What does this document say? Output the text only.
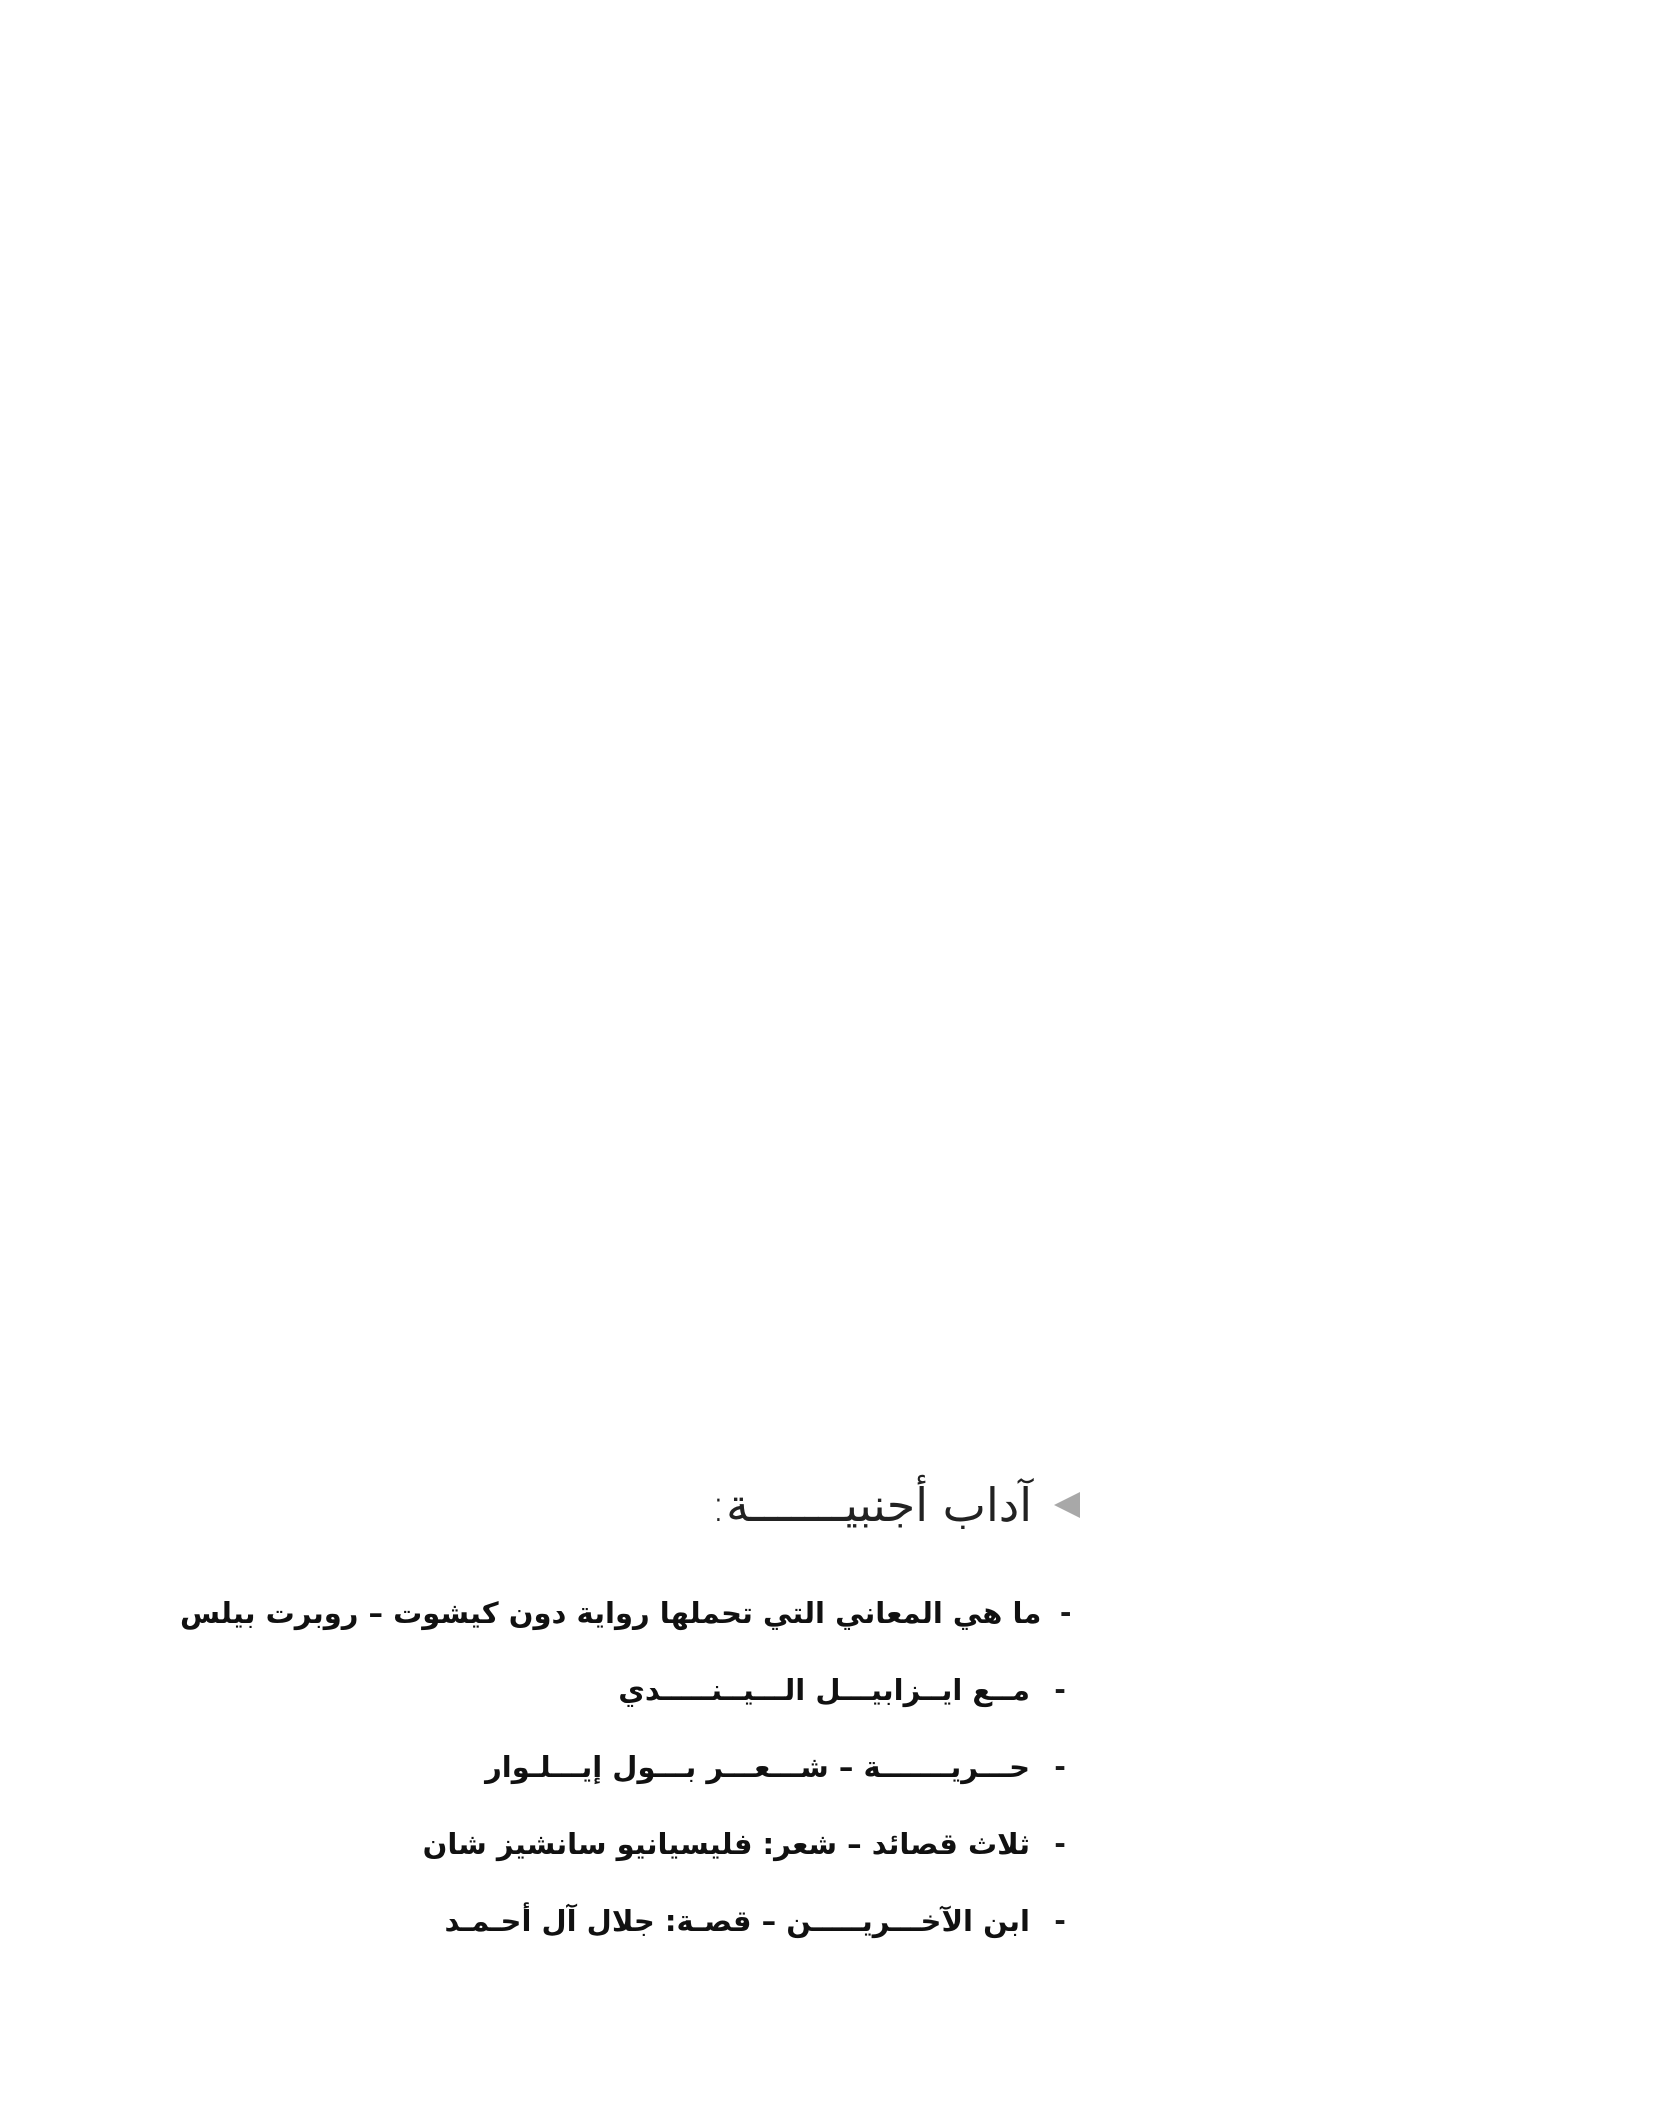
آداب أجنبيـــــــة:
-
ما هي المعاني التي تحملها رواية دون كيشوت – روبرت بيلس
-
مــع ايــزابيـــل الـــيــنـــــدي
-
حـــريـــــــة – شـــعـــر بـــول إيـــلـوار
-
ثلاث قصائد – شعر: فليسيانيو سانشيز شان
-
ابن الآخـــريـــــن – قصـة: جلال آل أحـمـد
